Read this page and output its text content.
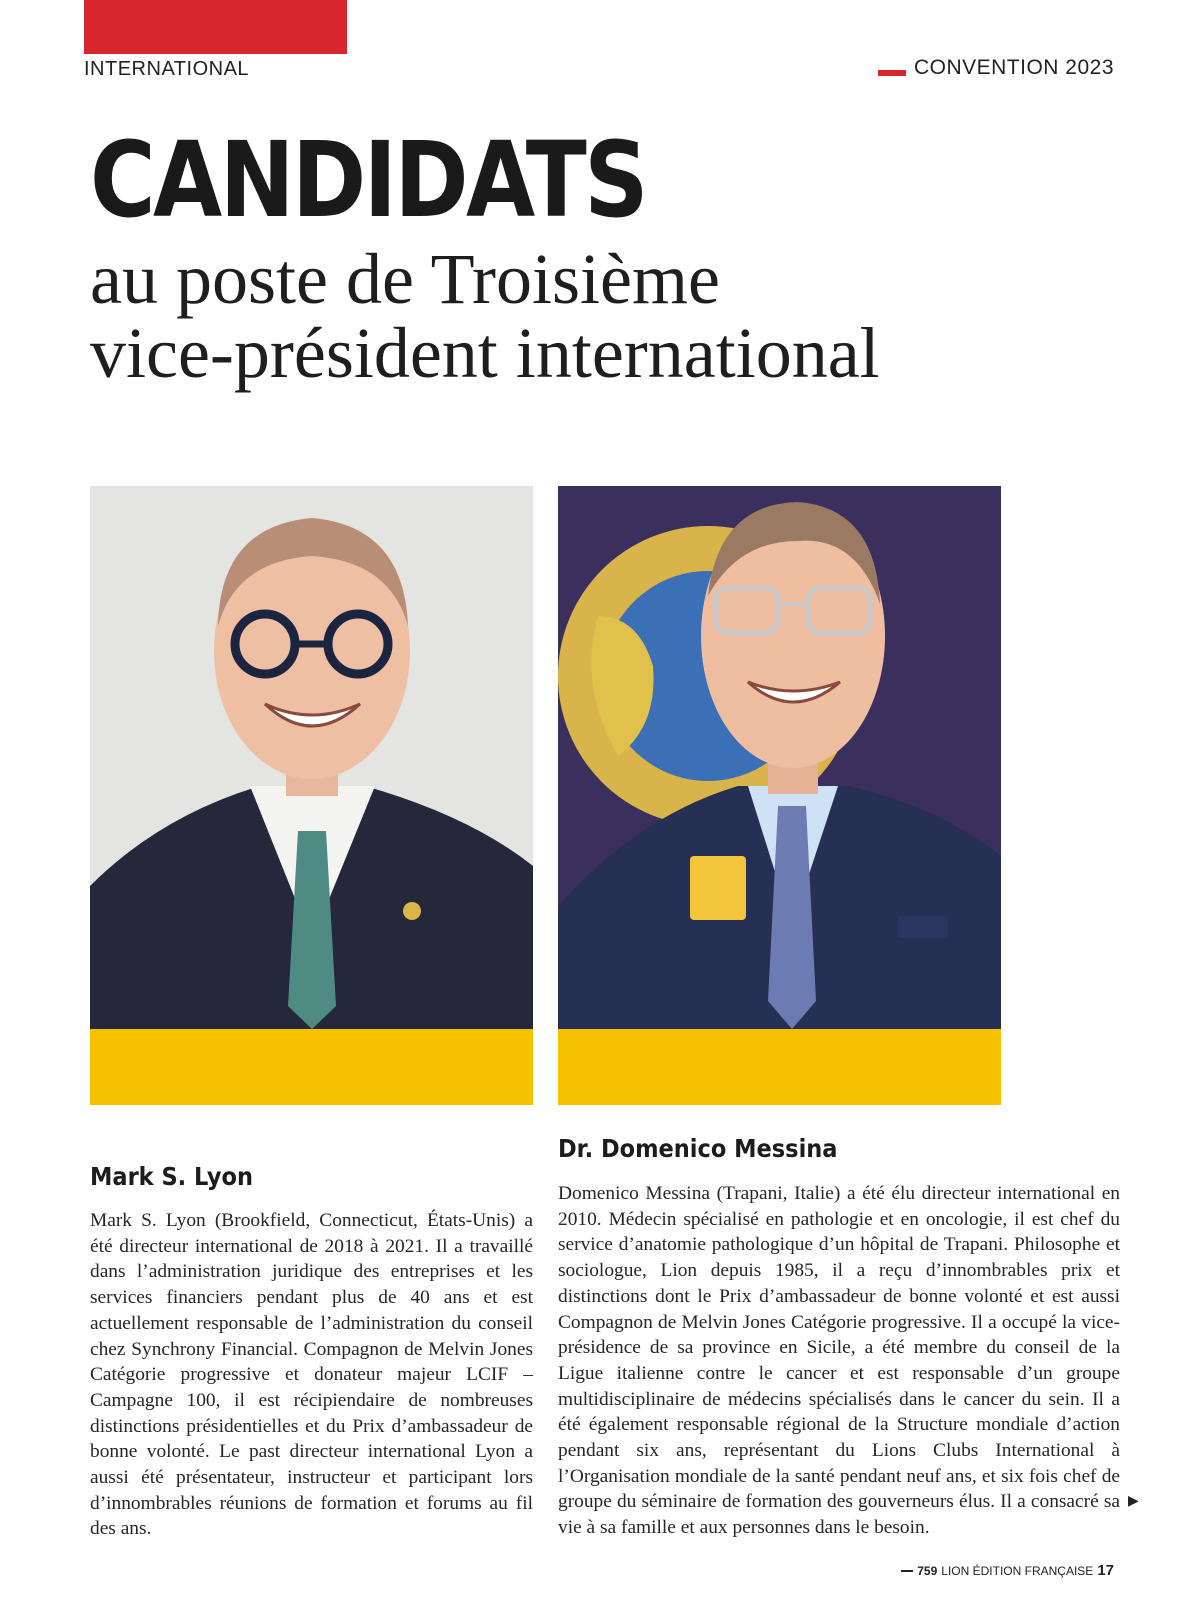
INTERNATIONAL	CONVENTION 2023
CANDIDATS
au poste de Troisième
vice-président international
Mark S. Lyon

Mark S. Lyon (Brookfield, Connecticut, États-Unis) a été directeur international de 2018 à 2021. Il a travaillé dans l’administration juridique des entreprises et les services financiers pendant plus de 40 ans et est actuellement responsable de l’administration du conseil chez Synchrony Financial. Compagnon de Melvin Jones Catégorie progressive et donateur majeur LCIF – Campagne 100, il est récipiendaire de nombreuses distinctions présidentielles et du Prix d’ambassadeur de bonne volonté. Le past directeur international Lyon a aussi été présentateur, instructeur et participant lors d’innombrables réunions de formation et forums au fil des ans.

Dr. Domenico Messina

Domenico Messina (Trapani, Italie) a été élu directeur international en 2010. Médecin spécialisé en pathologie et en oncologie, il est chef du service d’anatomie pathologique d’un hôpital de Trapani. Philosophe et sociologue, Lion depuis 1985, il a reçu d’innombrables prix et distinctions dont le Prix d’ambassadeur de bonne volonté et est aussi Compagnon de Melvin Jones Catégorie progressive. Il a occupé la vice-présidence de sa province en Sicile, a été membre du conseil de la Ligue italienne contre le cancer et est responsable d’un groupe multidisciplinaire de médecins spécialisés dans le cancer du sein. Il a été également responsable régional de la Structure mondiale d’action pendant six ans, représentant du Lions Clubs International à l’Organisation mondiale de la santé pendant neuf ans, et six fois chef de groupe du séminaire de formation des gouverneurs élus. Il a consacré sa vie à sa famille et aux personnes dans le besoin.

▶
759 LION ÉDITION FRANÇAISE 17
